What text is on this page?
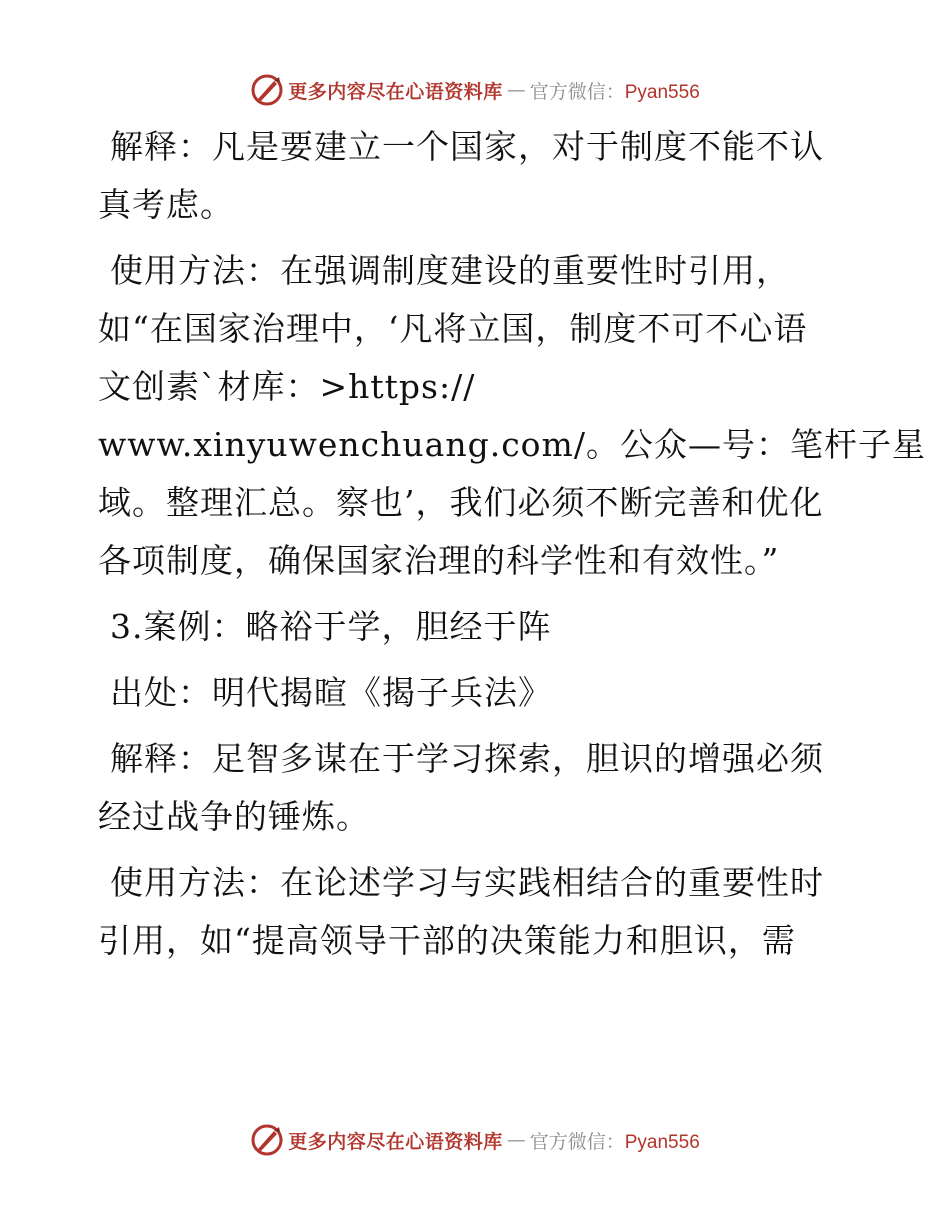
更多内容尽在心语资料库 — 官方微信：Pyan556

解释：凡是要建立一个国家，对于制度不能不认
真考虑。

使用方法：在强调制度建设的重要性时引用，
如“在国家治理中，‘凡将立国，制度不可不心语
文创素`材库：>https://
www.xinyuwenchuang.com/。公众—号：笔杆子星
域。整理汇总。察也’，我们必须不断完善和优化
各项制度，确保国家治理的科学性和有效性。”

3.案例：略裕于学，胆经于阵

出处：明代揭暄《揭子兵法》

解释：足智多谋在于学习探索，胆识的增强必须
经过战争的锤炼。

使用方法：在论述学习与实践相结合的重要性时
引用，如“提高领导干部的决策能力和胆识，需

更多内容尽在心语资料库 — 官方微信：Pyan556
